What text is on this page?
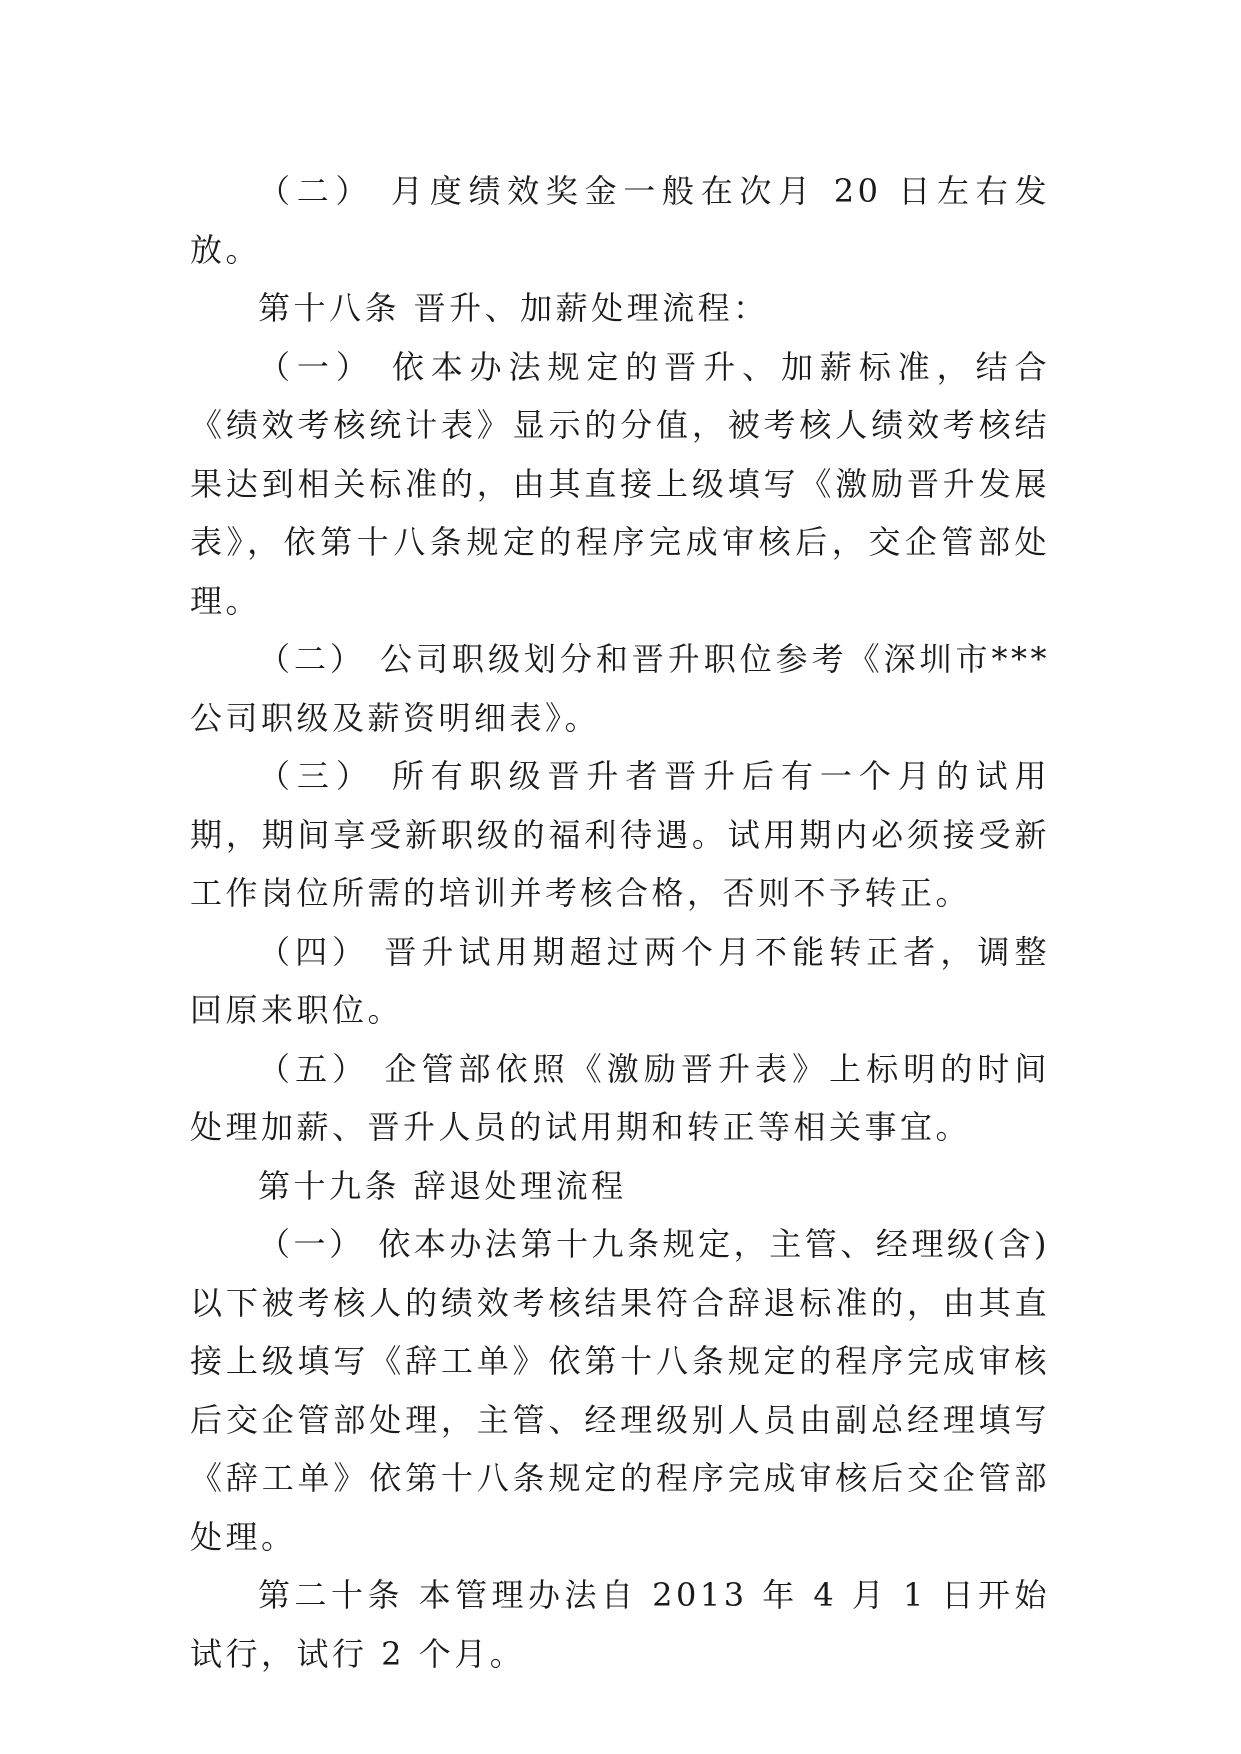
（二） 月度绩效奖金一般在次月 20 日左右发放。

第十八条 晋升、加薪处理流程：

（一） 依本办法规定的晋升、加薪标准，结合《绩效考核统计表》显示的分值，被考核人绩效考核结果达到相关标准的，由其直接上级填写《激励晋升发展表》，依第十八条规定的程序完成审核后，交企管部处理。

（二） 公司职级划分和晋升职位参考《深圳市***公司职级及薪资明细表》。

（三） 所有职级晋升者晋升后有一个月的试用期，期间享受新职级的福利待遇。试用期内必须接受新工作岗位所需的培训并考核合格，否则不予转正。

（四） 晋升试用期超过两个月不能转正者，调整回原来职位。

（五） 企管部依照《激励晋升表》上标明的时间处理加薪、晋升人员的试用期和转正等相关事宜。

第十九条 辞退处理流程

（一） 依本办法第十九条规定，主管、经理级(含)以下被考核人的绩效考核结果符合辞退标准的，由其直接上级填写《辞工单》依第十八条规定的程序完成审核后交企管部处理，主管、经理级别人员由副总经理填写《辞工单》依第十八条规定的程序完成审核后交企管部处理。

第二十条 本管理办法自 2013 年 4 月 1 日开始试行，试行 2 个月。
